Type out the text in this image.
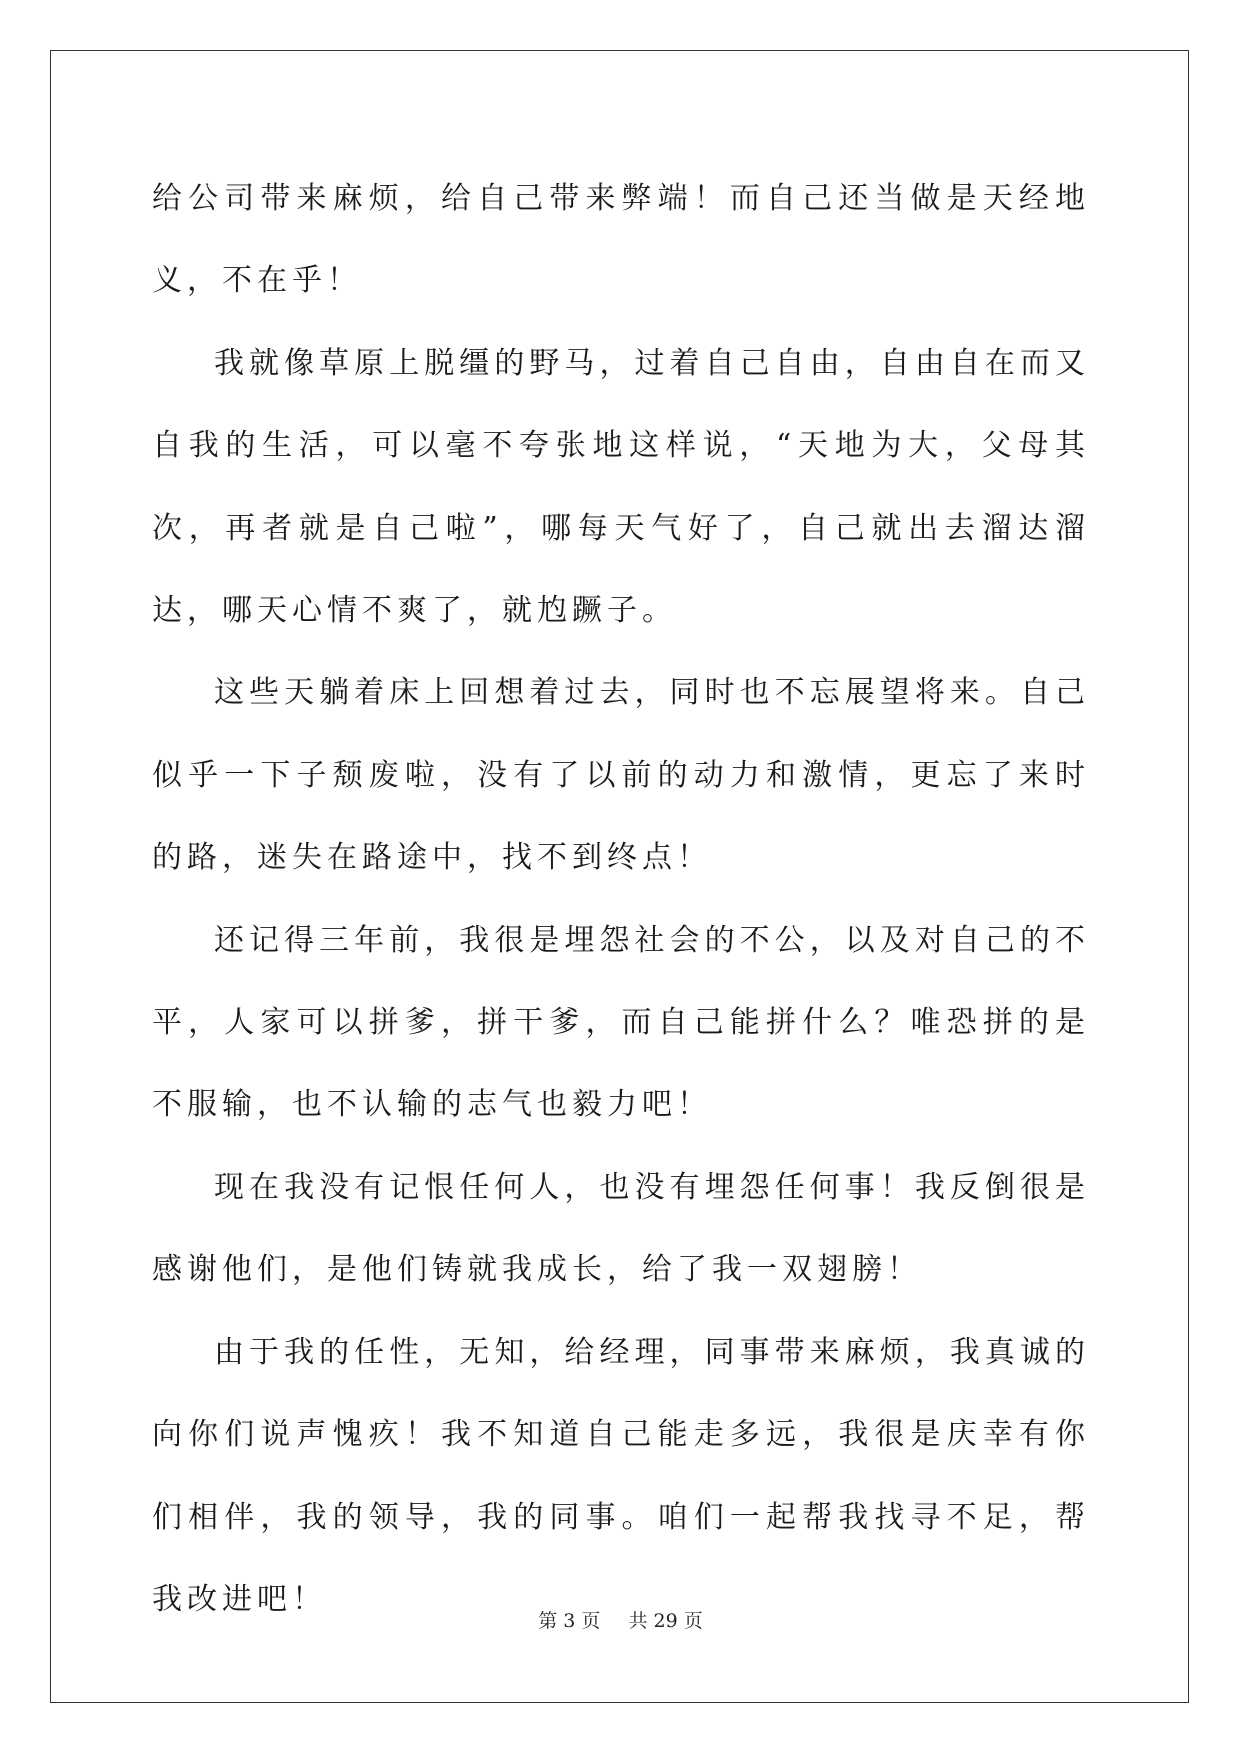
给公司带来麻烦，给自己带来弊端！而自己还当做是天经地义，不在乎！

我就像草原上脱缰的野马，过着自己自由，自由自在而又自我的生活，可以毫不夸张地这样说，“天地为大，父母其次，再者就是自己啦”，哪每天气好了，自己就出去溜达溜达，哪天心情不爽了，就尥蹶子。

这些天躺着床上回想着过去，同时也不忘展望将来。自己似乎一下子颓废啦，没有了以前的动力和激情，更忘了来时的路，迷失在路途中，找不到终点！

还记得三年前，我很是埋怨社会的不公，以及对自己的不平，人家可以拼爹，拼干爹，而自己能拼什么？唯恐拼的是不服输，也不认输的志气也毅力吧！

现在我没有记恨任何人，也没有埋怨任何事！我反倒很是感谢他们，是他们铸就我成长，给了我一双翅膀！

由于我的任性，无知，给经理，同事带来麻烦，我真诚的向你们说声愧疚！我不知道自己能走多远，我很是庆幸有你们相伴，我的领导，我的同事。咱们一起帮我找寻不足，帮我改进吧！

第 3 页 共 29 页
